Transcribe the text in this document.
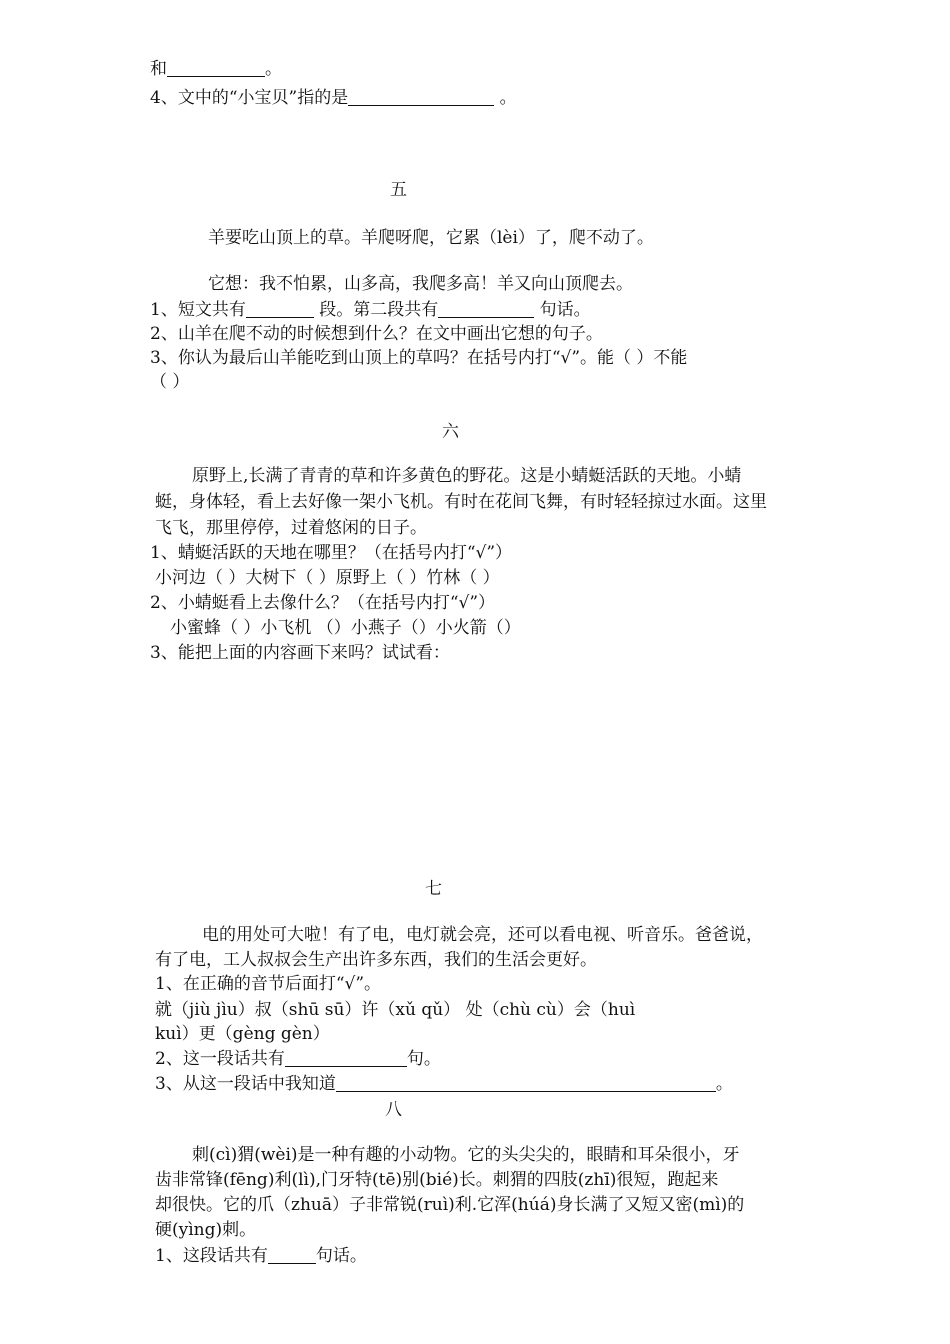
和	。
4、文中的“小宝贝”指的是	。
五
羊要吃山顶上的草。羊爬呀爬，它累（lèi）了，爬不动了。
它想：我不怕累，山多高，我爬多高！羊又向山顶爬去。
1、短文共有	段。第二段共有	句话。
2、山羊在爬不动的时候想到什么？在文中画出它想的句子。
3、你认为最后山羊能吃到山顶上的草吗？在括号内打“√”。能（ ）不能
（ ）
六
原野上,长满了青青的草和许多黄色的野花。这是小蜻蜓活跃的天地。小蜻
蜓，身体轻，看上去好像一架小飞机。有时在花间飞舞，有时轻轻掠过水面。这里
飞飞，那里停停，过着悠闲的日子。
1、蜻蜓活跃的天地在哪里？（在括号内打“√”）
小河边（ ）大树下（ ）原野上（ ）竹林（ ）
2、小蜻蜓看上去像什么？（在括号内打“√”）
小蜜蜂（ ）小飞机 （）小燕子（）小火箭（）
3、能把上面的内容画下来吗？试试看：
七
电的用处可大啦！有了电，电灯就会亮，还可以看电视、听音乐。爸爸说，
有了电，工人叔叔会生产出许多东西，我们的生活会更好。
1、在正确的音节后面打“√”。
就（jiù jìu）叔（shū sū）许（xǔ qǔ） 处（chù cù）会（huì
kuì）更（gèng gèn）
2、这一段话共有	句。
3、从这一段话中我知道	。
八
刺(cì)猬(wèi)是一种有趣的小动物。它的头尖尖的，眼睛和耳朵很小，牙
齿非常锋(fēng)利(lì),门牙特(tē)别(bié)长。刺猬的四肢(zhī)很短，跑起来
却很快。它的爪（zhuā）子非常锐(ruì)利.它浑(húá)身长满了又短又密(mì)的
硬(yìng)刺。
1、这段话共有	句话。
